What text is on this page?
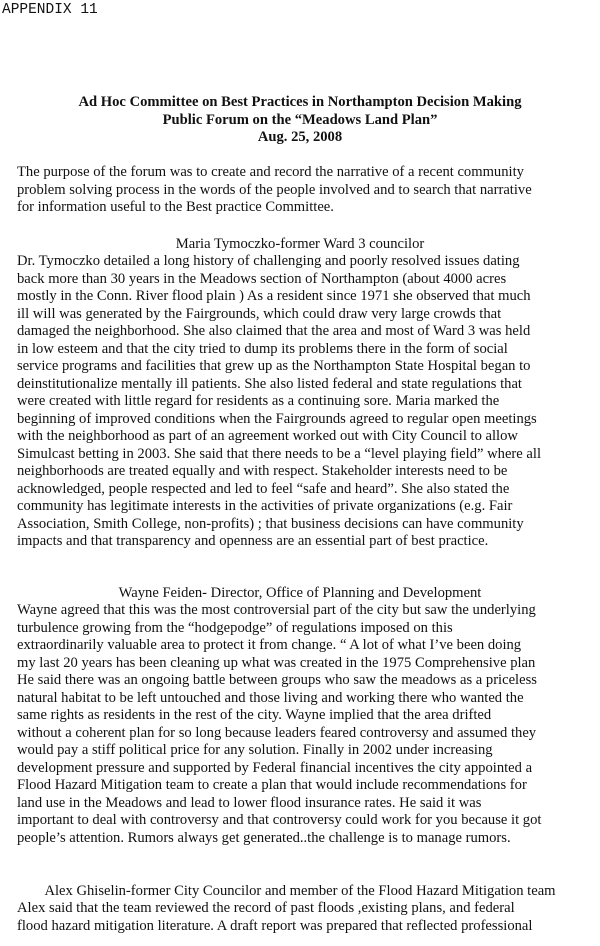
APPENDIX 11
Ad Hoc Committee on Best Practices in Northampton Decision Making
Public Forum on the “Meadows Land Plan”
Aug. 25, 2008
The purpose of the forum was to create and record the narrative of a recent community
problem solving process in the words of the people involved and to search that narrative
for information useful to the Best practice Committee.
Maria Tymoczko-former Ward 3 councilor
Dr. Tymoczko detailed a long history of challenging and poorly resolved issues dating
back more than 30 years in the Meadows section of Northampton (about 4000 acres
mostly in the Conn. River flood plain ) As a resident since 1971 she observed that much
ill will was generated by the Fairgrounds, which could draw very large crowds that
damaged the neighborhood. She also claimed that the area and most of Ward 3 was held
in low esteem and that the city tried to dump its problems there in the form of social
service programs and facilities that grew up as the Northampton State Hospital began to
deinstitutionalize mentally ill patients. She also listed federal and state regulations that
were created with little regard for residents as a continuing sore. Maria marked the
beginning of improved conditions when the Fairgrounds agreed to regular open meetings
with the neighborhood as part of an agreement worked out with City Council to allow
Simulcast betting in 2003. She said that there needs to be a “level playing field” where all
neighborhoods are treated equally and with respect. Stakeholder interests need to be
acknowledged, people respected and led to feel “safe and heard”. She also stated the
community has legitimate interests in the activities of private organizations (e.g. Fair
Association, Smith College, non-profits) ; that business decisions can have community
impacts and that transparency and openness are an essential part of best practice.
Wayne Feiden- Director, Office of Planning and Development
Wayne agreed that this was the most controversial part of the city but saw the underlying
turbulence growing from the “hodgepodge” of regulations imposed on this
extraordinarily valuable area to protect it from change. “ A lot of what I’ve been doing
my last 20 years has been cleaning up what was created in the 1975 Comprehensive plan
He said there was an ongoing battle between groups who saw the meadows as a priceless
natural habitat to be left untouched and those living and working there who wanted the
same rights as residents in the rest of the city. Wayne implied that the area drifted
without a coherent plan for so long because leaders feared controversy and assumed they
would pay a stiff political price for any solution. Finally in 2002 under increasing
development pressure and supported by Federal financial incentives the city appointed a
Flood Hazard Mitigation team to create a plan that would include recommendations for
land use in the Meadows and lead to lower flood insurance rates. He said it was
important to deal with controversy and that controversy could work for you because it got
people’s attention. Rumors always get generated..the challenge is to manage rumors.
Alex Ghiselin-former City Councilor and member of the Flood Hazard Mitigation team
Alex said that the team reviewed the record of past floods ,existing plans, and federal
flood hazard mitigation literature. A draft report was prepared that reflected professional
